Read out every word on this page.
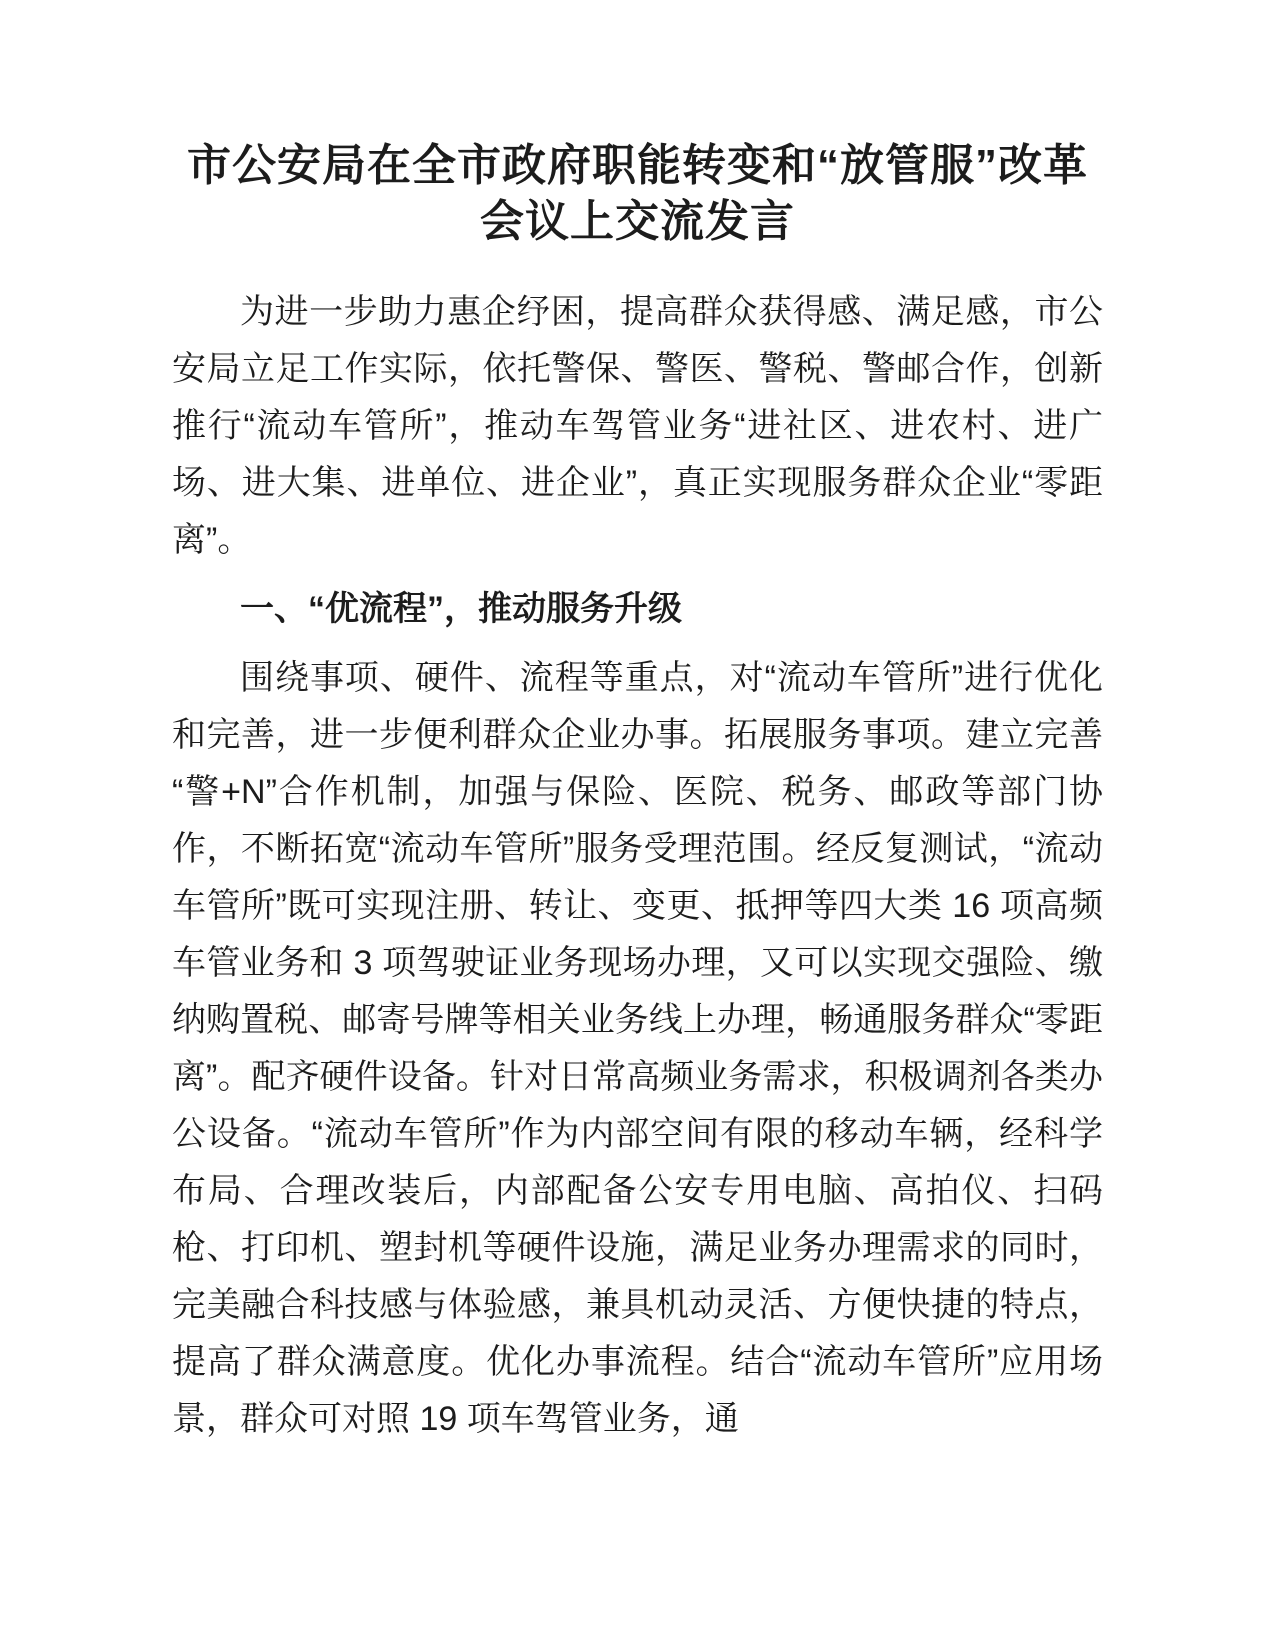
市公安局在全市政府职能转变和“放管服”改革会议上交流发言

为进一步助力惠企纾困，提高群众获得感、满足感，市公安局立足工作实际，依托警保、警医、警税、警邮合作，创新推行“流动车管所”，推动车驾管业务“进社区、进农村、进广场、进大集、进单位、进企业”，真正实现服务群众企业“零距离”。

一、“优流程”，推动服务升级

围绕事项、硬件、流程等重点，对“流动车管所”进行优化和完善，进一步便利群众企业办事。拓展服务事项。建立完善“警+N”合作机制，加强与保险、医院、税务、邮政等部门协作，不断拓宽“流动车管所”服务受理范围。经反复测试，“流动车管所”既可实现注册、转让、变更、抵押等四大类 16 项高频车管业务和 3 项驾驶证业务现场办理，又可以实现交强险、缴纳购置税、邮寄号牌等相关业务线上办理，畅通服务群众“零距离”。配齐硬件设备。针对日常高频业务需求，积极调剂各类办公设备。“流动车管所”作为内部空间有限的移动车辆，经科学布局、合理改装后，内部配备公安专用电脑、高拍仪、扫码枪、打印机、塑封机等硬件设施，满足业务办理需求的同时，完美融合科技感与体验感，兼具机动灵活、方便快捷的特点，提高了群众满意度。优化办事流程。结合“流动车管所”应用场景，群众可对照 19 项车驾管业务，通
